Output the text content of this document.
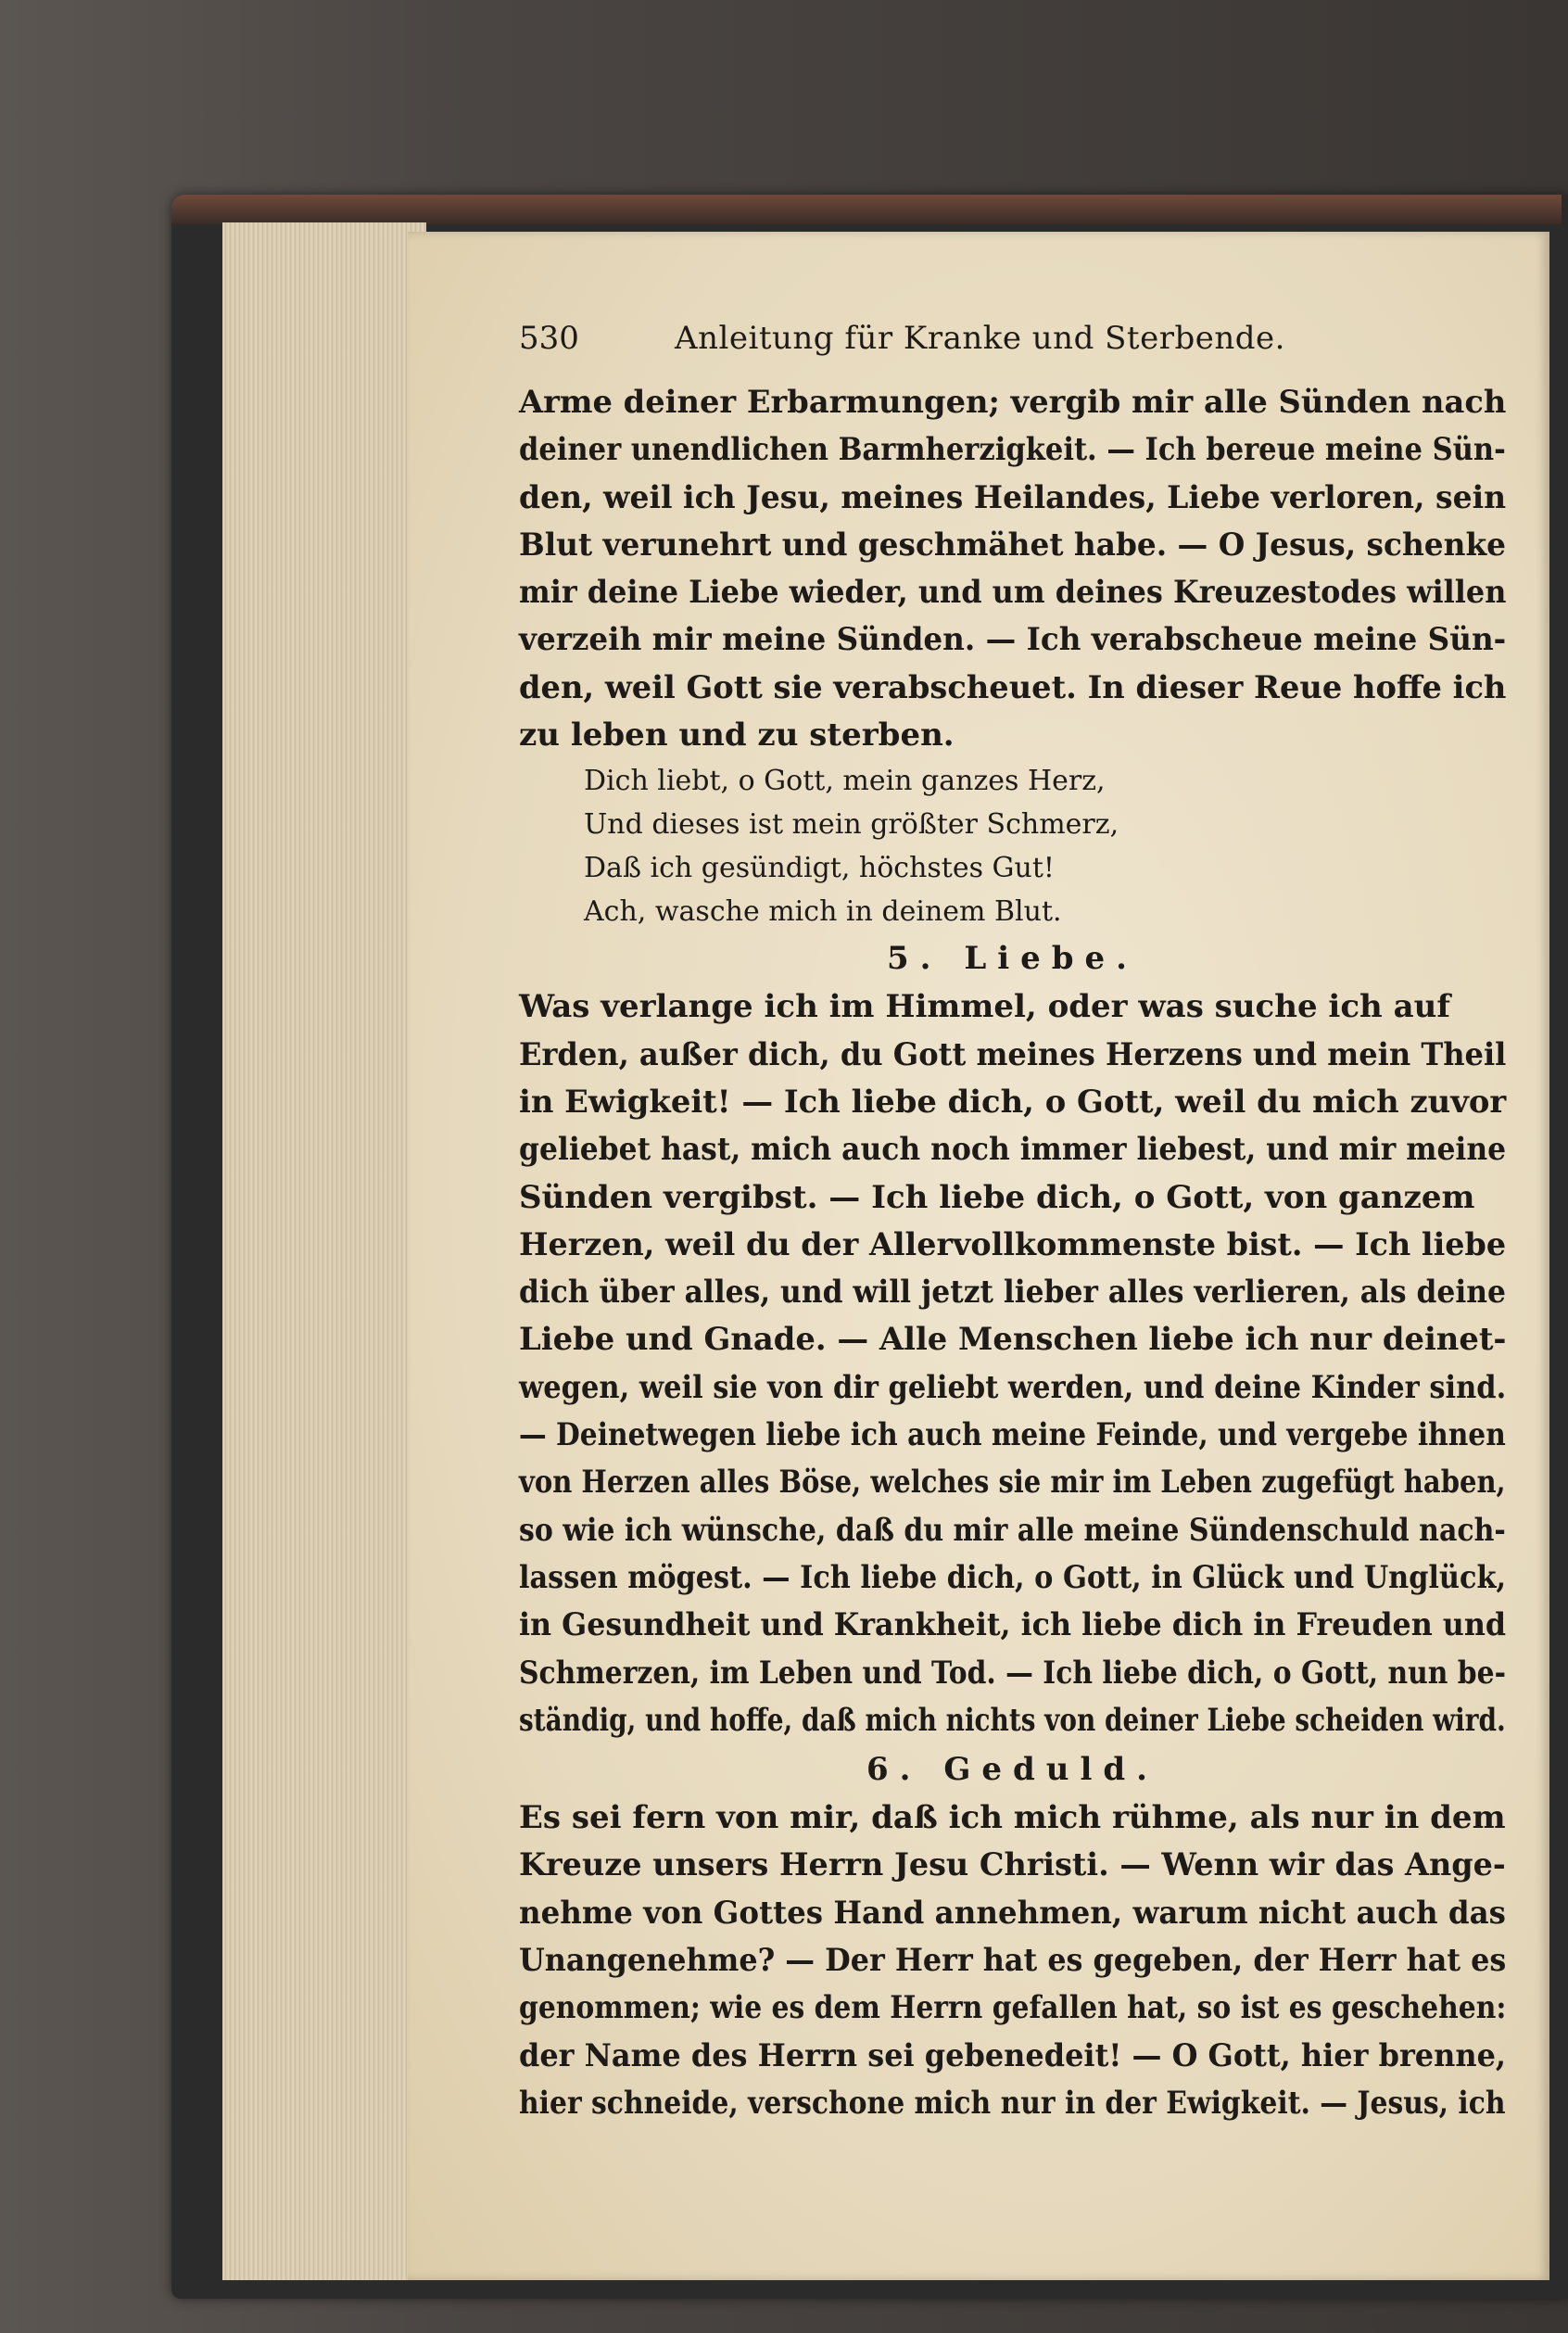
530	Anleitung für Kranke und Sterbende.

Arme deiner Erbarmungen; vergib mir alle Sünden nach
deiner unendlichen Barmherzigkeit. — Ich bereue meine Sün-
den, weil ich Jesu, meines Heilandes, Liebe verloren, sein
Blut verunehrt und geschmähet habe. — O Jesus, schenke
mir deine Liebe wieder, und um deines Kreuzestodes willen
verzeih mir meine Sünden. — Ich verabscheue meine Sün-
den, weil Gott sie verabscheuet. In dieser Reue hoffe ich
zu leben und zu sterben.

Dich liebt, o Gott, mein ganzes Herz,
Und dieses ist mein größter Schmerz,
Daß ich gesündigt, höchstes Gut!
Ach, wasche mich in deinem Blut.

5. Liebe.

Was verlange ich im Himmel, oder was suche ich auf
Erden, außer dich, du Gott meines Herzens und mein Theil
in Ewigkeit! — Ich liebe dich, o Gott, weil du mich zuvor
geliebet hast, mich auch noch immer liebest, und mir meine
Sünden vergibst. — Ich liebe dich, o Gott, von ganzem
Herzen, weil du der Allervollkommenste bist. — Ich liebe
dich über alles, und will jetzt lieber alles verlieren, als deine
Liebe und Gnade. — Alle Menschen liebe ich nur deinet-
wegen, weil sie von dir geliebt werden, und deine Kinder sind.
— Deinetwegen liebe ich auch meine Feinde, und vergebe ihnen
von Herzen alles Böse, welches sie mir im Leben zugefügt haben,
so wie ich wünsche, daß du mir alle meine Sündenschuld nach-
lassen mögest. — Ich liebe dich, o Gott, in Glück und Unglück,
in Gesundheit und Krankheit, ich liebe dich in Freuden und
Schmerzen, im Leben und Tod. — Ich liebe dich, o Gott, nun be-
ständig, und hoffe, daß mich nichts von deiner Liebe scheiden wird.

6. Geduld.

Es sei fern von mir, daß ich mich rühme, als nur in dem
Kreuze unsers Herrn Jesu Christi. — Wenn wir das Ange-
nehme von Gottes Hand annehmen, warum nicht auch das
Unangenehme? — Der Herr hat es gegeben, der Herr hat es
genommen; wie es dem Herrn gefallen hat, so ist es geschehen:
der Name des Herrn sei gebenedeit! — O Gott, hier brenne,
hier schneide, verschone mich nur in der Ewigkeit. — Jesus, ich
